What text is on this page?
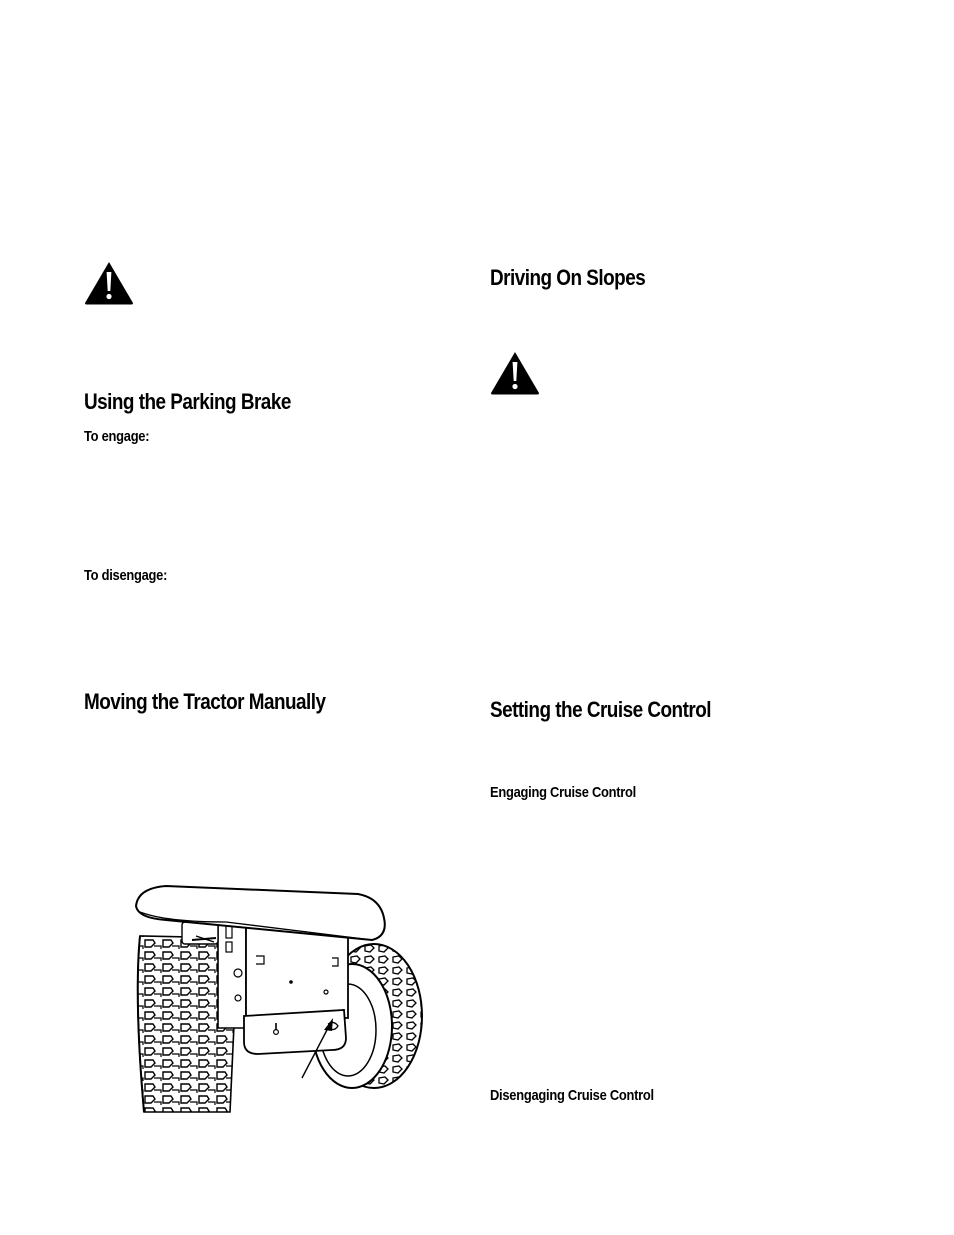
Using the Parking Brake
To engage:
To disengage:
Moving the Tractor Manually
Driving On Slopes
Setting the Cruise Control
Engaging Cruise Control
Disengaging Cruise Control
